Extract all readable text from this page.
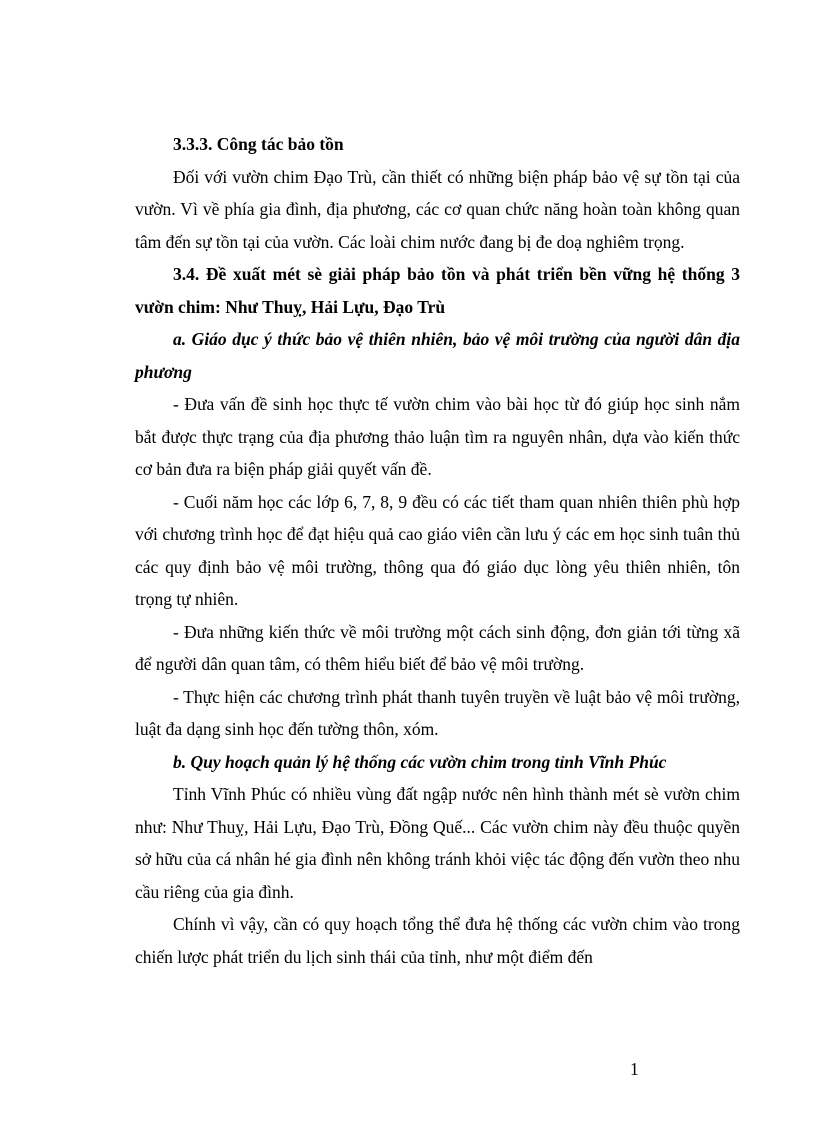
3.3.3. Công tác bảo tồn

Đối với vườn chim Đạo Trù, cần thiết có những biện pháp bảo vệ sự tồn tại của vườn. Vì về phía gia đình, địa phương, các cơ quan chức năng hoàn toàn không quan tâm đến sự tồn tại của vườn. Các loài chim nước đang bị đe doạ nghiêm trọng.

3.4. Đề xuất mét sè giải pháp bảo tồn và phát triển bền vững hệ thống 3 vườn chim: Như Thuỵ, Hải Lựu, Đạo Trù

a. Giáo dục ý thức bảo vệ thiên nhiên, bảo vệ môi trường của người dân địa phương

- Đưa vấn đề sinh học thực tế vườn chim vào bài học từ đó giúp học sinh nắm bắt được thực trạng của địa phương thảo luận tìm ra nguyên nhân, dựa vào kiến thức cơ bản đưa ra biện pháp giải quyết vấn đề.

- Cuối năm học các lớp 6, 7, 8, 9 đều có các tiết tham quan nhiên thiên phù hợp với chương trình học để đạt hiệu quả cao giáo viên cần lưu ý các em học sinh tuân thủ các quy định bảo vệ môi trường, thông qua đó giáo dục lòng yêu thiên nhiên, tôn trọng tự nhiên.

- Đưa những kiến thức về môi trường một cách sinh động, đơn giản tới từng xã để người dân quan tâm, có thêm hiểu biết để bảo vệ môi trường.

- Thực hiện các chương trình phát thanh tuyên truyền về luật bảo vệ môi trường, luật đa dạng sinh học đến tường thôn, xóm.

b. Quy hoạch quản lý hệ thống các vườn chim trong tỉnh Vĩnh Phúc

Tỉnh Vĩnh Phúc có nhiều vùng đất ngập nước nên hình thành mét sè vườn chim như: Như Thuỵ, Hải Lựu, Đạo Trù, Đồng Quế... Các vườn chim này đều thuộc quyền sở hữu của cá nhân hé gia đình nên không tránh khỏi việc tác động đến vườn theo nhu cầu riêng của gia đình.

Chính vì vậy, cần có quy hoạch tổng thể đưa hệ thống các vườn chim vào trong chiến lược phát triển du lịch sinh thái của tỉnh, như một điểm đến

1
